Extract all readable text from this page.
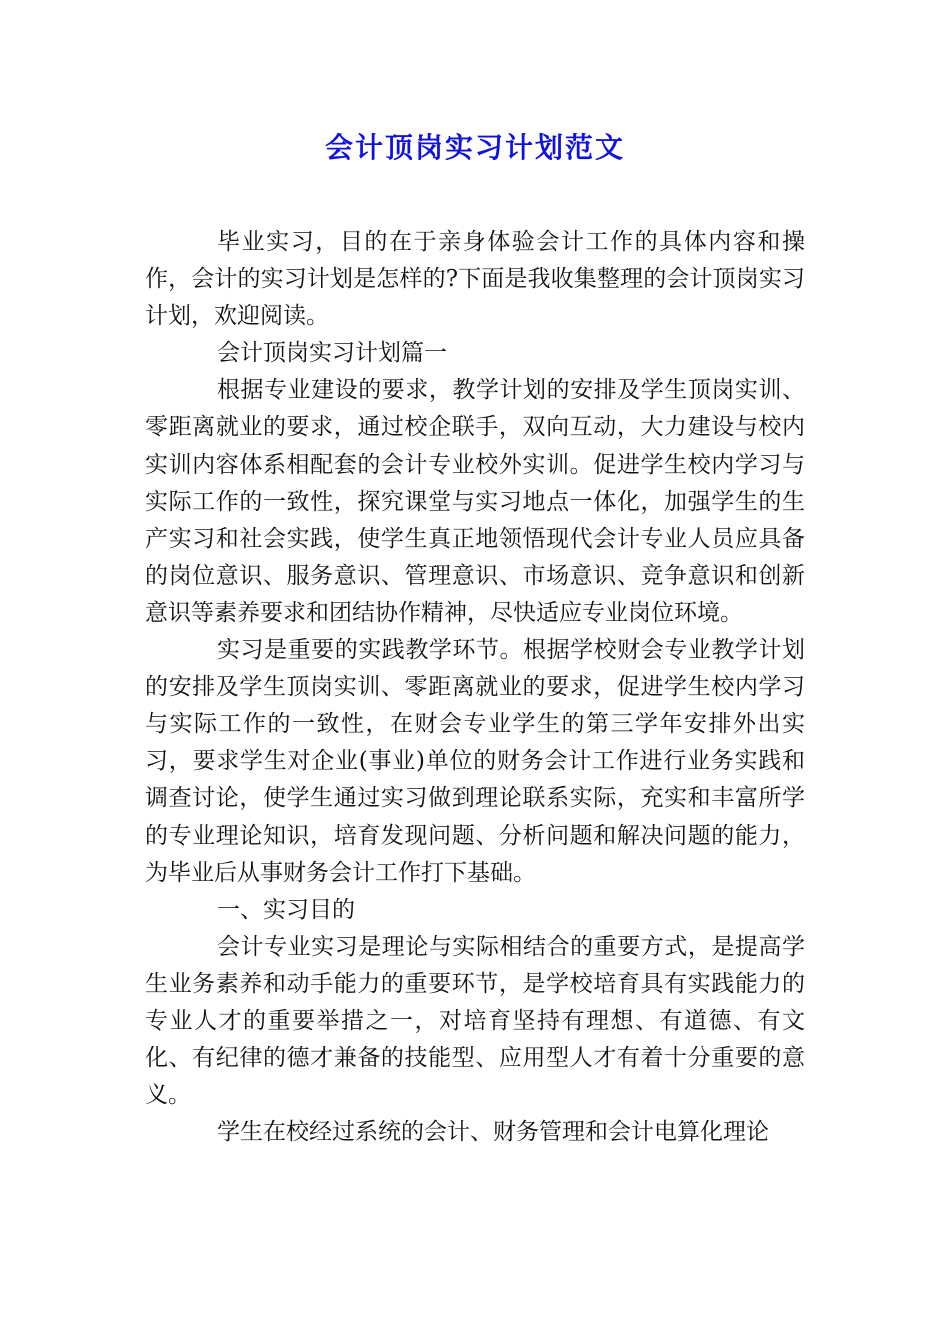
会计顶岗实习计划范文

毕业实习，目的在于亲身体验会计工作的具体内容和操作，会计的实习计划是怎样的?下面是我收集整理的会计顶岗实习计划，欢迎阅读。

会计顶岗实习计划篇一

根据专业建设的要求，教学计划的安排及学生顶岗实训、零距离就业的要求，通过校企联手，双向互动，大力建设与校内实训内容体系相配套的会计专业校外实训。促进学生校内学习与实际工作的一致性，探究课堂与实习地点一体化，加强学生的生产实习和社会实践，使学生真正地领悟现代会计专业人员应具备的岗位意识、服务意识、管理意识、市场意识、竞争意识和创新意识等素养要求和团结协作精神，尽快适应专业岗位环境。

实习是重要的实践教学环节。根据学校财会专业教学计划的安排及学生顶岗实训、零距离就业的要求，促进学生校内学习与实际工作的一致性，在财会专业学生的第三学年安排外出实习，要求学生对企业(事业)单位的财务会计工作进行业务实践和调查讨论，使学生通过实习做到理论联系实际，充实和丰富所学的专业理论知识，培育发现问题、分析问题和解决问题的能力，为毕业后从事财务会计工作打下基础。

一、实习目的

会计专业实习是理论与实际相结合的重要方式，是提高学生业务素养和动手能力的重要环节，是学校培育具有实践能力的专业人才的重要举措之一，对培育坚持有理想、有道德、有文化、有纪律的德才兼备的技能型、应用型人才有着十分重要的意义。

学生在校经过系统的会计、财务管理和会计电算化理论
